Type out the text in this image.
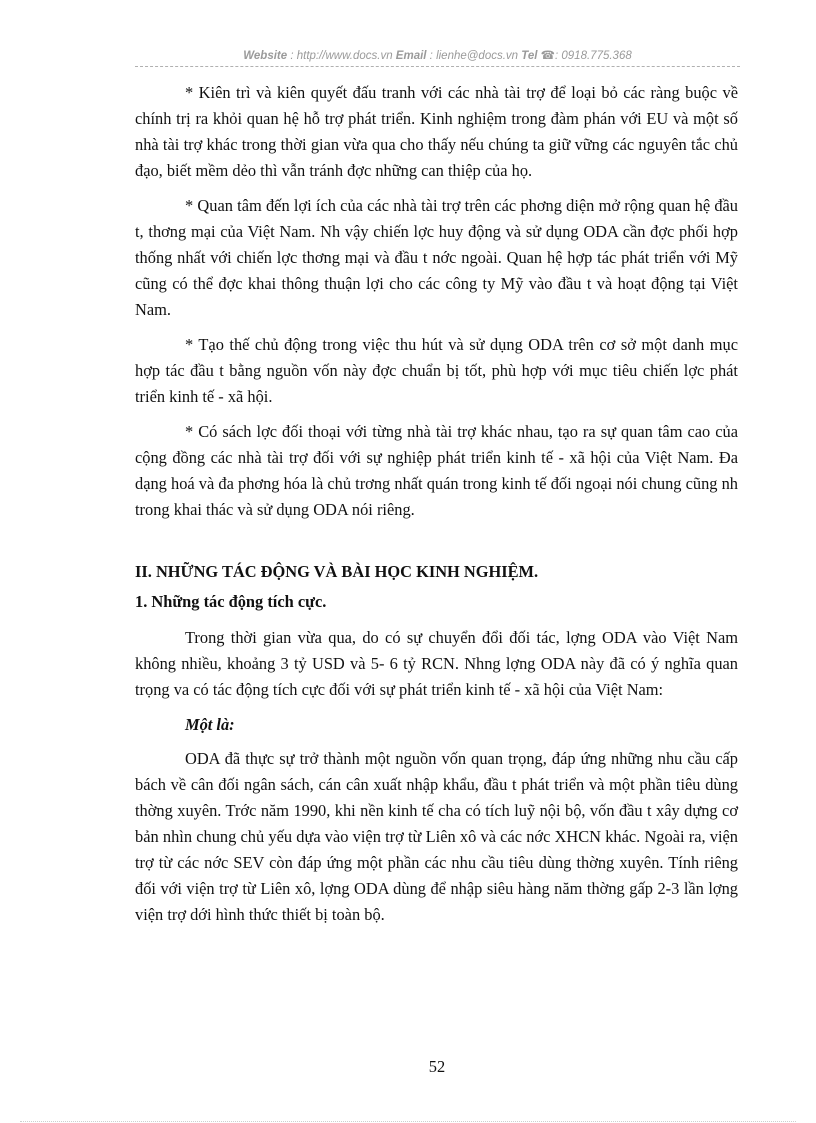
Website : http://www.docs.vn Email : lienhe@docs.vn Tel ☎: 0918.775.368

* Kiên trì và kiên quyết đấu tranh với các nhà tài trợ để loại bỏ các ràng buộc về chính trị ra khỏi quan hệ hỗ trợ phát triển. Kinh nghiệm trong đàm phán với EU và một số nhà tài trợ khác trong thời gian vừa qua cho thấy nếu chúng ta giữ vững các nguyên tắc chủ đạo, biết mềm dẻo thì vẫn tránh đợc những can thiệp của họ.

* Quan tâm đến lợi ích của các nhà tài trợ trên các phơng diện mở rộng quan hệ đầu t, thơng mại của Việt Nam. Nh vậy chiến lợc huy động và sử dụng ODA cần đợc phối hợp thống nhất với chiến lợc thơng mại và đầu t nớc ngoài. Quan hệ hợp tác phát triển với Mỹ cũng có thể đợc khai thông thuận lợi cho các công ty Mỹ vào đầu t và hoạt động tại Việt Nam.

* Tạo thế chủ động trong việc thu hút và sử dụng ODA trên cơ sở một danh mục hợp tác đầu t bằng nguồn vốn này đợc chuẩn bị tốt, phù hợp với mục tiêu chiến lợc phát triển kinh tế - xã hội.

* Có sách lợc đối thoại với từng nhà tài trợ khác nhau, tạo ra sự quan tâm cao của cộng đồng các nhà tài trợ đối với sự nghiệp phát triển kinh tế - xã hội của Việt Nam. Đa dạng hoá và đa phơng hóa là chủ trơng nhất quán trong kinh tế đối ngoại nói chung cũng nh trong khai thác và sử dụng ODA nói riêng.

II. NHỮNG TÁC ĐỘNG VÀ BÀI HỌC KINH NGHIỆM.
1. Những tác động tích cực.

Trong thời gian vừa qua, do có sự chuyển đổi đối tác, lợng ODA vào Việt Nam không nhiều, khoảng 3 tỷ USD và 5- 6 tỷ RCN. Nhng lợng ODA này đã có ý nghĩa quan trọng va có tác động tích cực đối với sự phát triển kinh tế - xã hội của Việt Nam:

Một là:

ODA đã thực sự trở thành một nguồn vốn quan trọng, đáp ứng những nhu cầu cấp bách về cân đối ngân sách, cán cân xuất nhập khẩu, đầu t phát triển và một phần tiêu dùng thờng xuyên. Trớc năm 1990, khi nền kinh tế cha có tích luỹ nội bộ, vốn đầu t xây dựng cơ bản nhìn chung chủ yếu dựa vào viện trợ từ Liên xô và các nớc XHCN khác. Ngoài ra, viện trợ từ các nớc SEV còn đáp ứng một phần các nhu cầu tiêu dùng thờng xuyên. Tính riêng đối với viện trợ từ Liên xô, lợng ODA dùng để nhập siêu hàng năm thờng gấp 2-3 lần lợng viện trợ dới hình thức thiết bị toàn bộ.

52
